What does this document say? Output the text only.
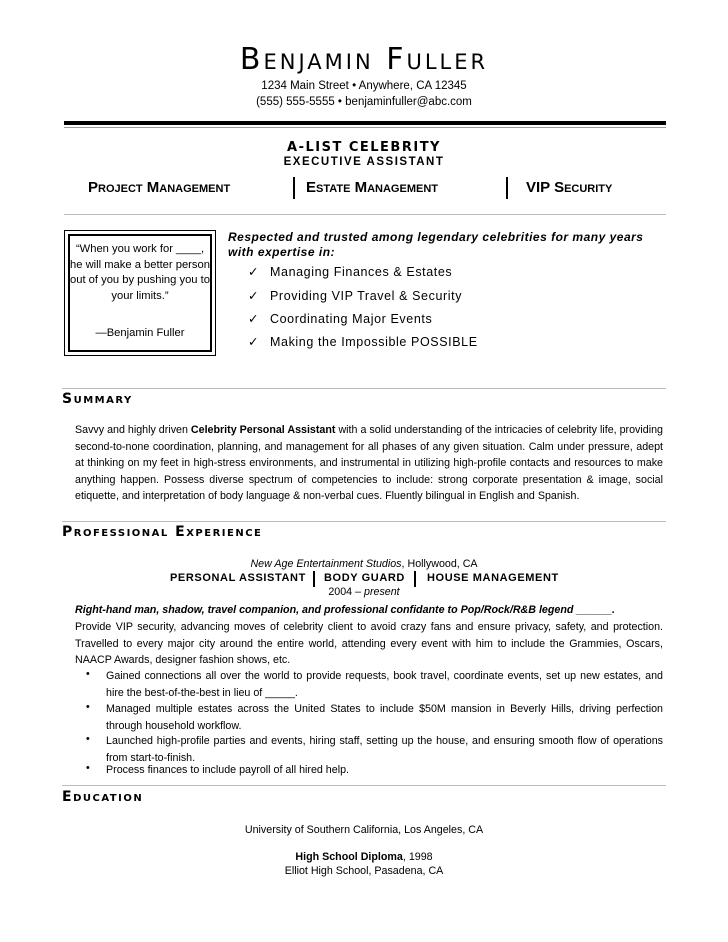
Benjamin Fuller
1234 Main Street • Anywhere, CA 12345
(555) 555-5555 • benjaminfuller@abc.com
A-LIST CELEBRITY
EXECUTIVE ASSISTANT
Project Management	Estate Management	VIP Security
“When you work for ____, he will make a better person out of you by pushing you to your limits.”
—Benjamin Fuller
Respected and trusted among legendary celebrities for many years with expertise in:
✓ Managing Finances & Estates
✓ Providing VIP Travel & Security
✓ Coordinating Major Events
✓ Making the Impossible POSSIBLE
Summary
Savvy and highly driven Celebrity Personal Assistant with a solid understanding of the intricacies of celebrity life, providing second-to-none coordination, planning, and management for all phases of any given situation. Calm under pressure, adept at thinking on my feet in high-stress environments, and instrumental in utilizing high-profile contacts and resources to make anything happen. Possess diverse spectrum of competencies to include: strong corporate presentation & image, social etiquette, and interpretation of body language & non-verbal cues. Fluently bilingual in English and Spanish.
Professional Experience
New Age Entertainment Studios, Hollywood, CA
PERSONAL ASSISTANT BODY GUARD HOUSE MANAGEMENT
2004 – present
Right-hand man, shadow, travel companion, and professional confidante to Pop/Rock/R&B legend ______.
Provide VIP security, advancing moves of celebrity client to avoid crazy fans and ensure privacy, safety, and protection. Travelled to every major city around the entire world, attending every event with him to include the Grammies, Oscars, NAACP Awards, designer fashion shows, etc.
• Gained connections all over the world to provide requests, book travel, coordinate events, set up new estates, and hire the best-of-the-best in lieu of _____.
• Managed multiple estates across the United States to include $50M mansion in Beverly Hills, driving perfection through household workflow.
• Launched high-profile parties and events, hiring staff, setting up the house, and ensuring smooth flow of operations from start-to-finish.
• Process finances to include payroll of all hired help.
Education
University of Southern California, Los Angeles, CA
High School Diploma, 1998
Elliot High School, Pasadena, CA
